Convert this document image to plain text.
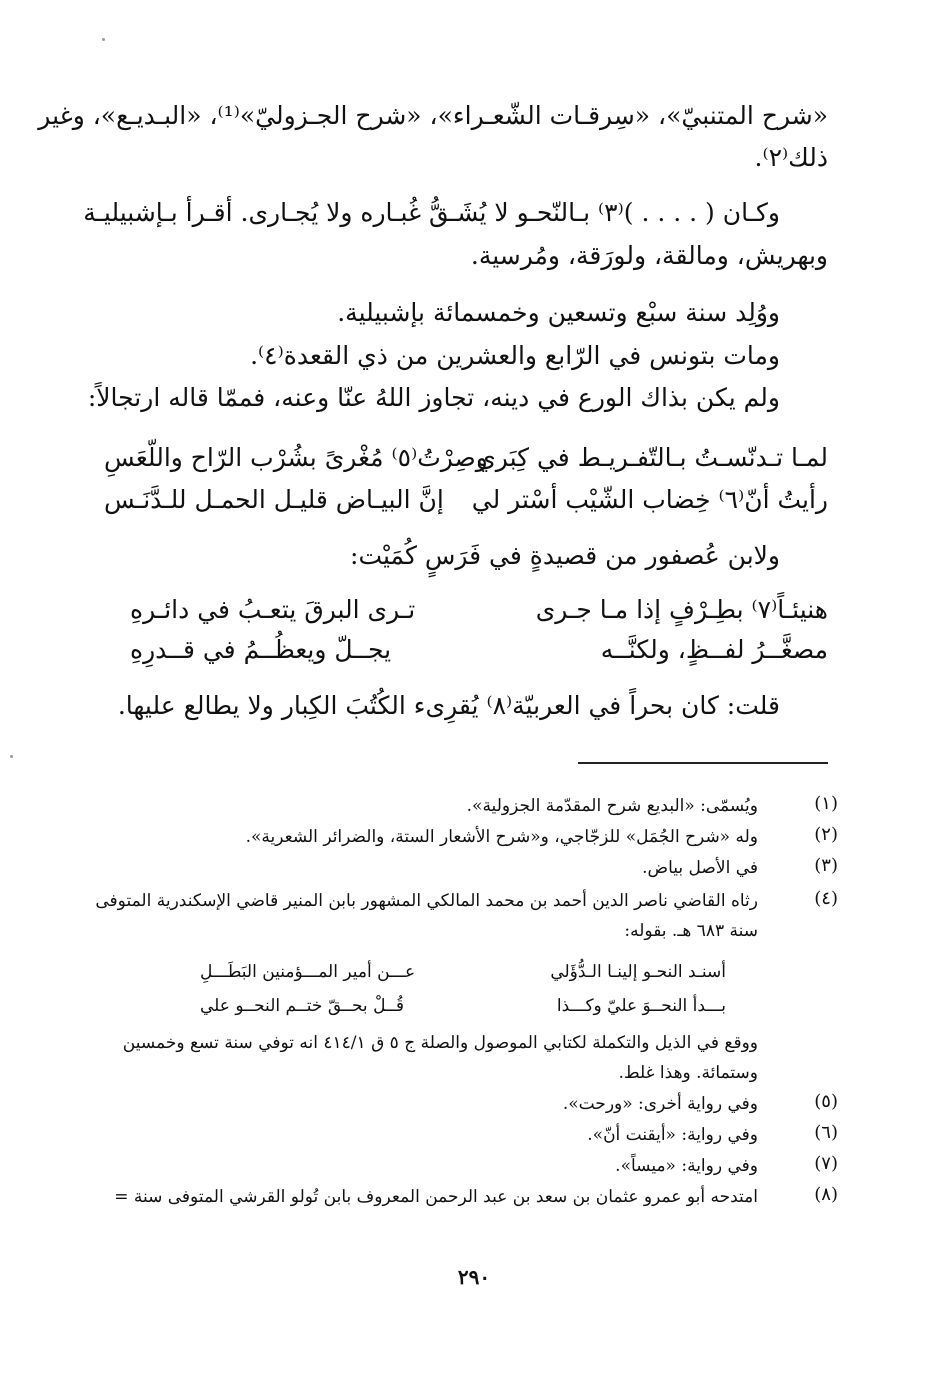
«شرح المتنبيّ»، «سِرقـات الشّعـراء»، «شرح الجـزوليّ»⁽¹⁾، «البـديـع»، وغير
ذلك⁽٢⁾.
وكـان ( . . . . )⁽٣⁾ بـالنّحـو لا يُشَـقُّ غُبـاره ولا يُجـارى. أقـرأ بـإشبيليـة
وبهريش، ومالقة، ولورَقة، ومُرسية.
ووُلِد سنة سبْع وتسعين وخمسمائة بإشبيلية.
ومات بتونس في الرّابع والعشرين من ذي القعدة⁽٤⁾.
ولم يكن بذاك الورع في دينه، تجاوز اللهُ عنّا وعنه، فممّا قاله ارتجالاً:
لمـا تـدنّسـتُ بـالتّفـريـط في كِبَري
وصِرْتُ⁽٥⁾ مُغْرىً بشُرْب الرّاح واللّعَسِ
رأيتُ أنّ⁽٦⁾ خِضاب الشّيْب أسْتر لي
إنَّ البيـاض قليـل الحمـل للـدَّنَـس
ولابن عُصفور من قصيدةٍ في فَرَسٍ كُمَيْت:
هنيئـاً⁽٧⁾ بطِـرْفٍ إذا مـا جـرى
تـرى البرقَ يتعـبُ في دائـرهِ
مصغَّــرُ لفــظٍ، ولكنَّــه
يجــلّ ويعظُــمُ في قــدرِهِ
قلت: كان بحراً في العربيّة⁽٨⁾ يُقرِىء الكُتُبَ الكِبار ولا يطالع عليها.
(١)
ويُسمّى: «البديع شرح المقدّمة الجزولية».
(٢)
وله «شرح الجُمَل» للزجّاجي، و«شرح الأشعار الستة، والضرائر الشعرية».
(٣)
في الأصل بياض.
(٤)
رثاه القاضي ناصر الدين أحمد بن محمد المالكي المشهور بابن المنير قاضي الإسكندرية المتوفى
سنة ٦٨٣ هـ. بقوله:
أسنـد النحـو إلينـا الـدُّؤَلي
عـــن أمير المـــؤمنين البَطَـــلِ
بـــدأ النحــوَ عليّ وكـــذا
قُــلْ بحــقّ ختــم النحــو علي
ووقع في الذيل والتكملة لكتابي الموصول والصلة ج ٥ ق ٤١٤/١ انه توفي سنة تسع وخمسين
وستمائة. وهذا غلط.
(٥)
وفي رواية أخرى: «ورحت».
(٦)
وفي رواية: «أيقنت أنّ».
(٧)
وفي رواية: «ميساً».
(٨)
امتدحه أبو عمرو عثمان بن سعد بن عبد الرحمن المعروف بابن تُولو القرشي المتوفى سنة =
٢٩٠
